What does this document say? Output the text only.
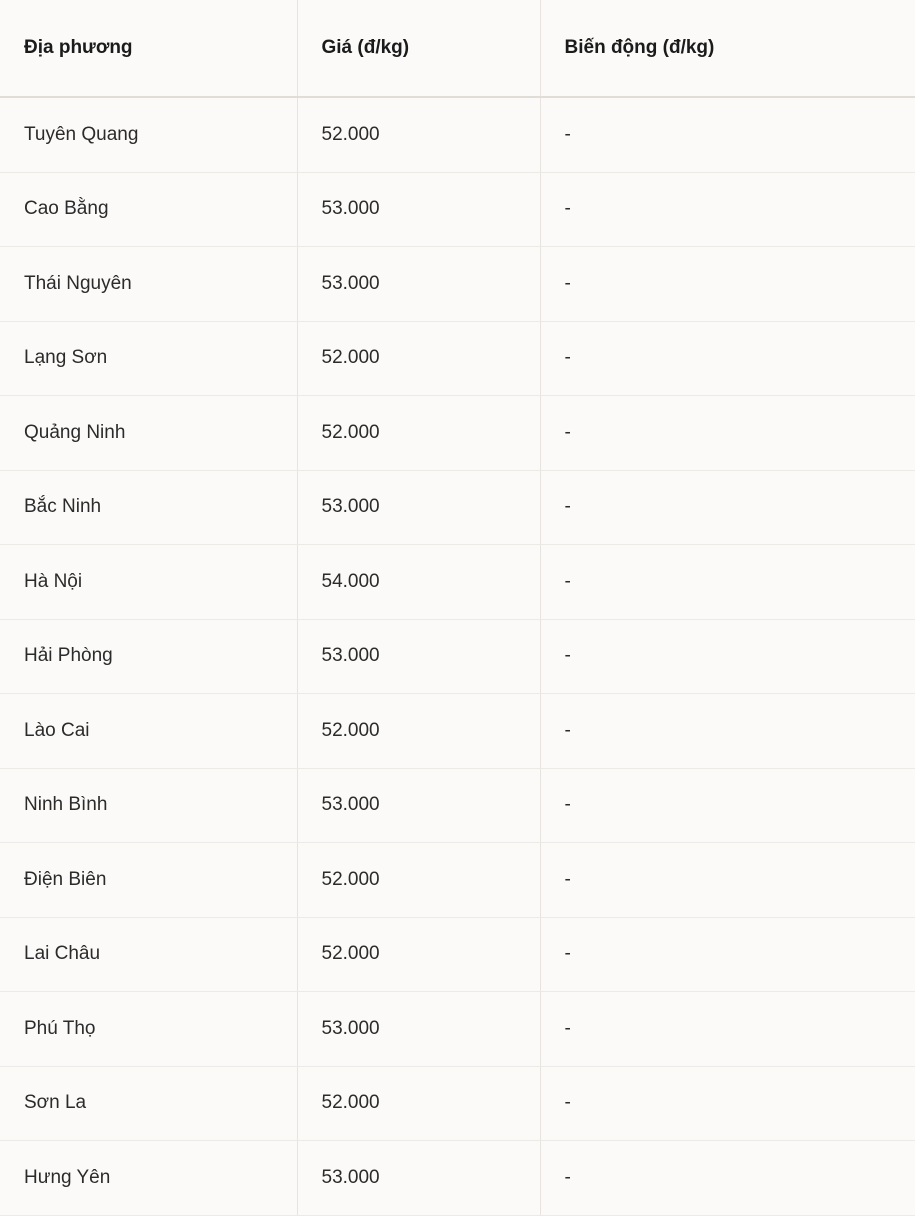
Địa phương	Giá (đ/kg)	Biến động (đ/kg)
Tuyên Quang	52.000	-
Cao Bằng	53.000	-
Thái Nguyên	53.000	-
Lạng Sơn	52.000	-
Quảng Ninh	52.000	-
Bắc Ninh	53.000	-
Hà Nội	54.000	-
Hải Phòng	53.000	-
Lào Cai	52.000	-
Ninh Bình	53.000	-
Điện Biên	52.000	-
Lai Châu	52.000	-
Phú Thọ	53.000	-
Sơn La	52.000	-
Hưng Yên	53.000	-
